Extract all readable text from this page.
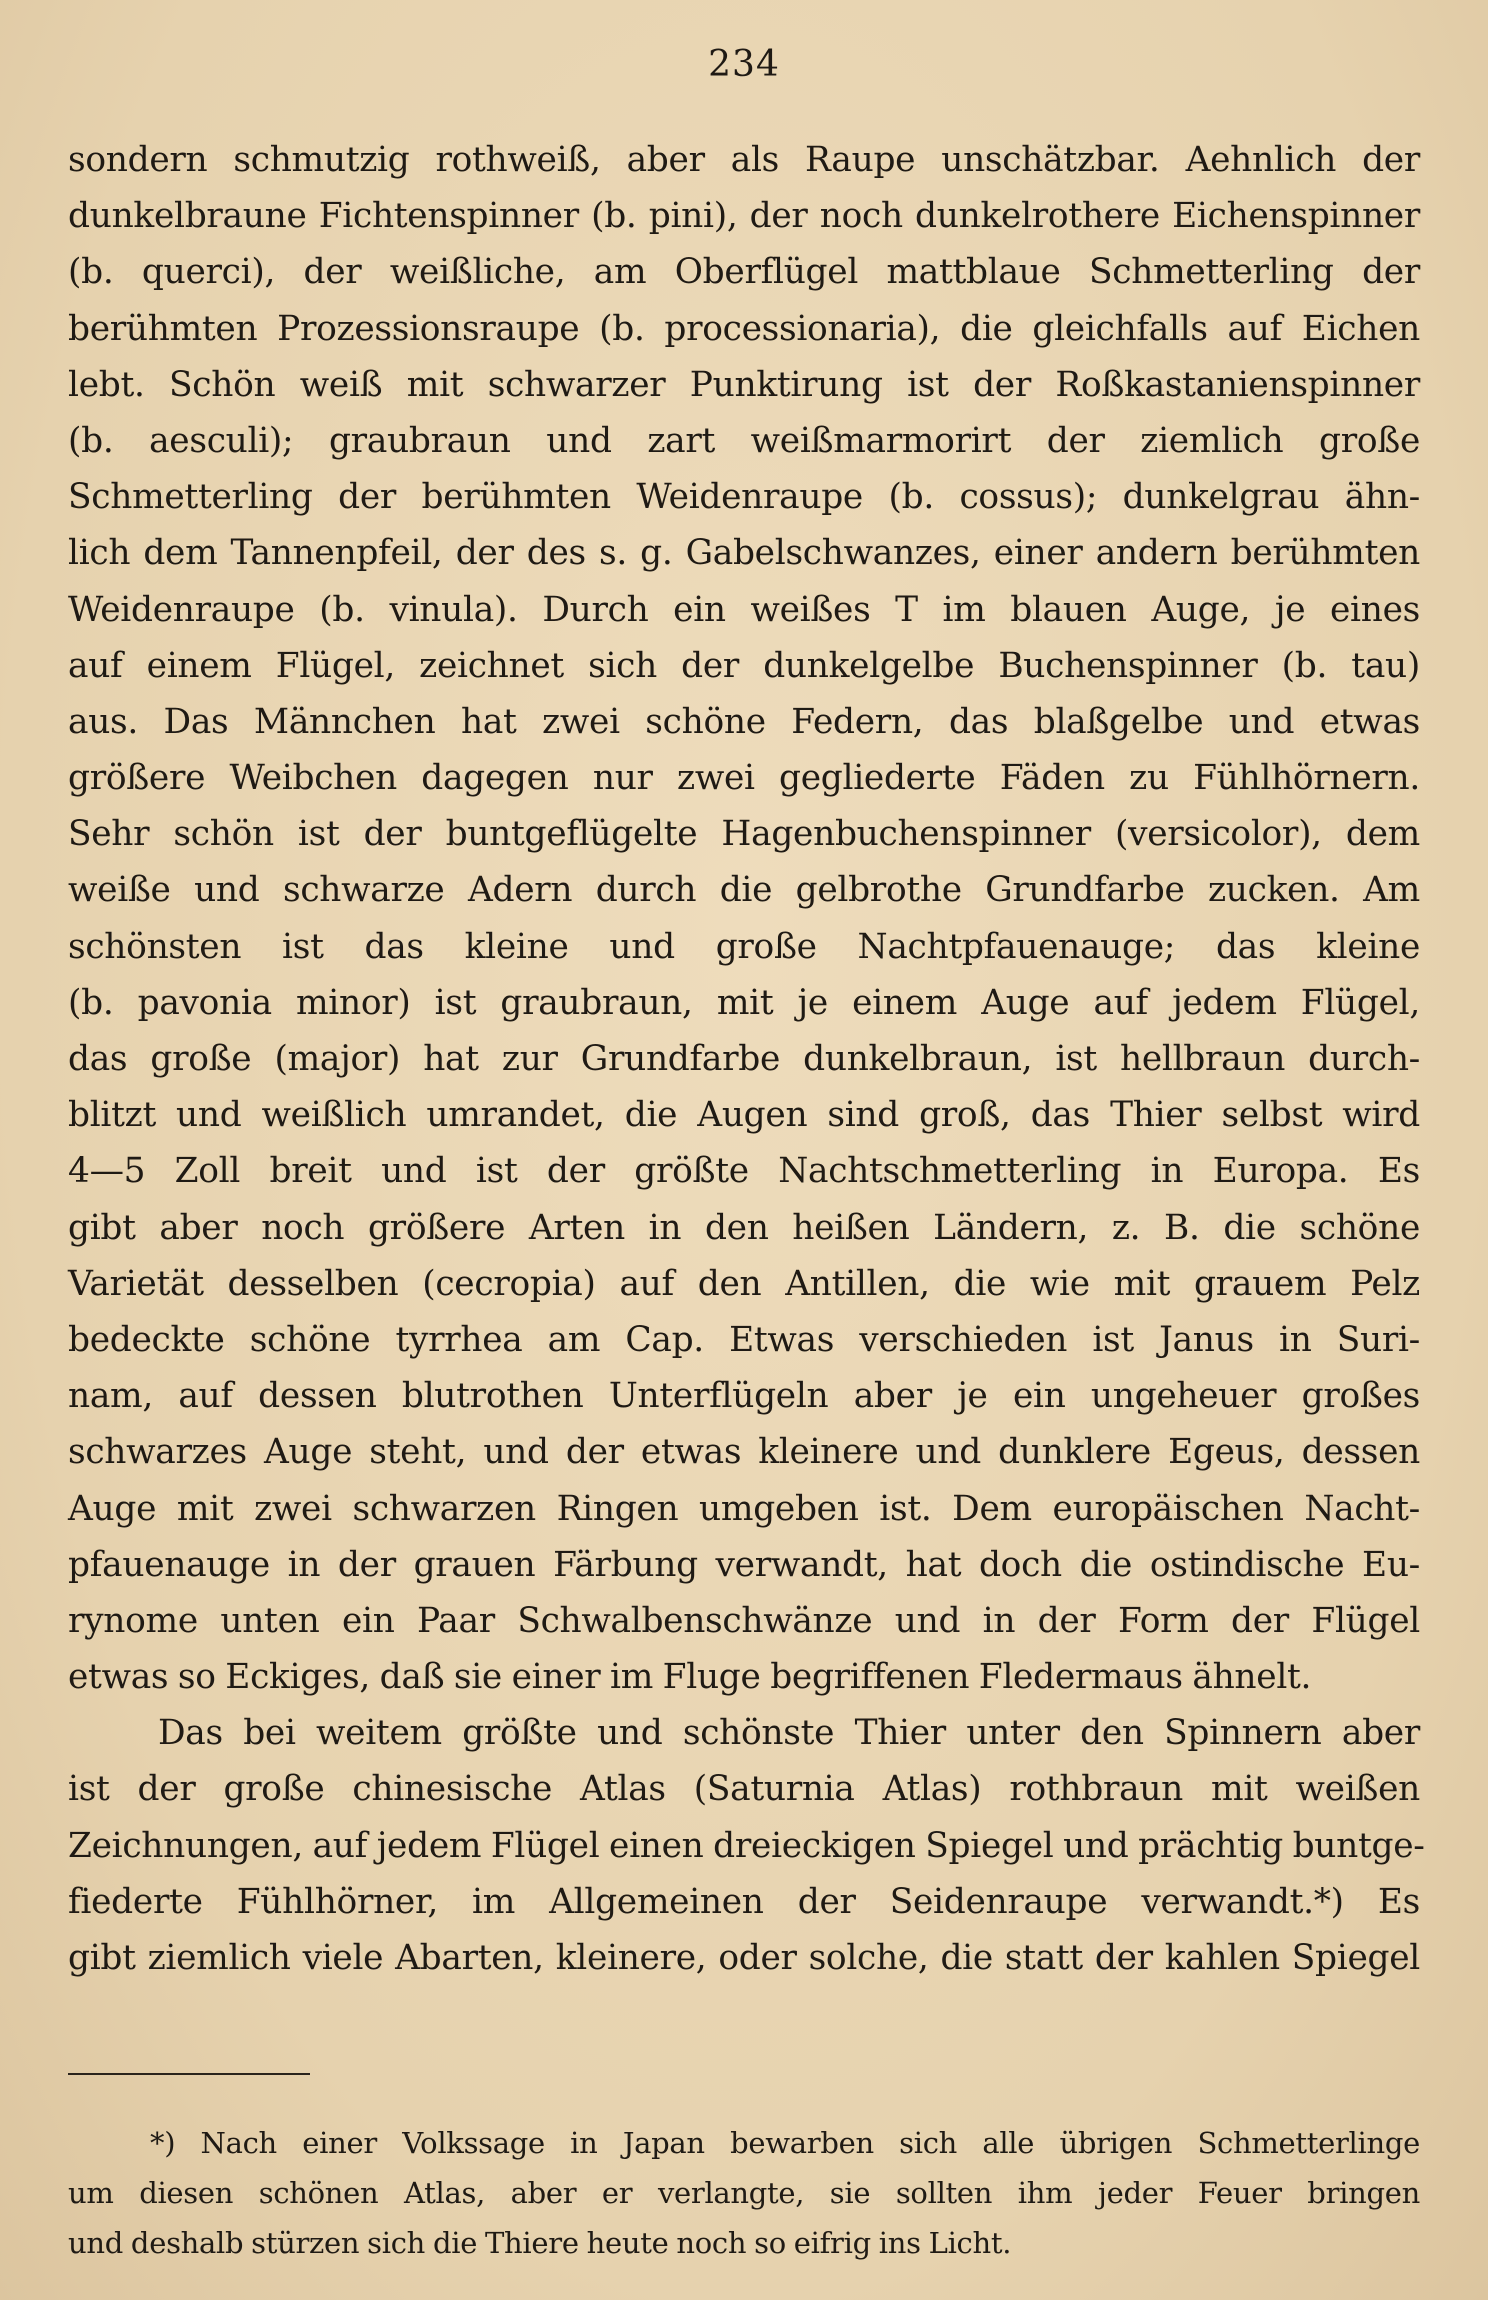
234
sondern schmutzig rothweiß, aber als Raupe unschätzbar. Aehnlich der
dunkelbraune Fichtenspinner (b. pini), der noch dunkelrothere Eichenspinner
(b. querci), der weißliche, am Oberflügel mattblaue Schmetterling der
berühmten Prozessionsraupe (b. processionaria), die gleichfalls auf Eichen
lebt. Schön weiß mit schwarzer Punktirung ist der Roßkastanienspinner
(b. aesculi); graubraun und zart weißmarmorirt der ziemlich große
Schmetterling der berühmten Weidenraupe (b. cossus); dunkelgrau ähn-
lich dem Tannenpfeil, der des s. g. Gabelschwanzes, einer andern berühmten
Weidenraupe (b. vinula). Durch ein weißes T im blauen Auge, je eines
auf einem Flügel, zeichnet sich der dunkelgelbe Buchenspinner (b. tau)
aus. Das Männchen hat zwei schöne Federn, das blaßgelbe und etwas
größere Weibchen dagegen nur zwei gegliederte Fäden zu Fühlhörnern.
Sehr schön ist der buntgeflügelte Hagenbuchenspinner (versicolor), dem
weiße und schwarze Adern durch die gelbrothe Grundfarbe zucken. Am
schönsten ist das kleine und große Nachtpfauenauge; das kleine
(b. pavonia minor) ist graubraun, mit je einem Auge auf jedem Flügel,
das große (major) hat zur Grundfarbe dunkelbraun, ist hellbraun durch-
blitzt und weißlich umrandet, die Augen sind groß, das Thier selbst wird
4—5 Zoll breit und ist der größte Nachtschmetterling in Europa. Es
gibt aber noch größere Arten in den heißen Ländern, z. B. die schöne
Varietät desselben (cecropia) auf den Antillen, die wie mit grauem Pelz
bedeckte schöne tyrrhea am Cap. Etwas verschieden ist Janus in Suri-
nam, auf dessen blutrothen Unterflügeln aber je ein ungeheuer großes
schwarzes Auge steht, und der etwas kleinere und dunklere Egeus, dessen
Auge mit zwei schwarzen Ringen umgeben ist. Dem europäischen Nacht-
pfauenauge in der grauen Färbung verwandt, hat doch die ostindische Eu-
rynome unten ein Paar Schwalbenschwänze und in der Form der Flügel
etwas so Eckiges, daß sie einer im Fluge begriffenen Fledermaus ähnelt.
Das bei weitem größte und schönste Thier unter den Spinnern aber
ist der große chinesische Atlas (Saturnia Atlas) rothbraun mit weißen
Zeichnungen, auf jedem Flügel einen dreieckigen Spiegel und prächtig buntge-
fiederte Fühlhörner, im Allgemeinen der Seidenraupe verwandt.*) Es
gibt ziemlich viele Abarten, kleinere, oder solche, die statt der kahlen Spiegel
*) Nach einer Volkssage in Japan bewarben sich alle übrigen Schmetterlinge
um diesen schönen Atlas, aber er verlangte, sie sollten ihm jeder Feuer bringen
und deshalb stürzen sich die Thiere heute noch so eifrig ins Licht.
